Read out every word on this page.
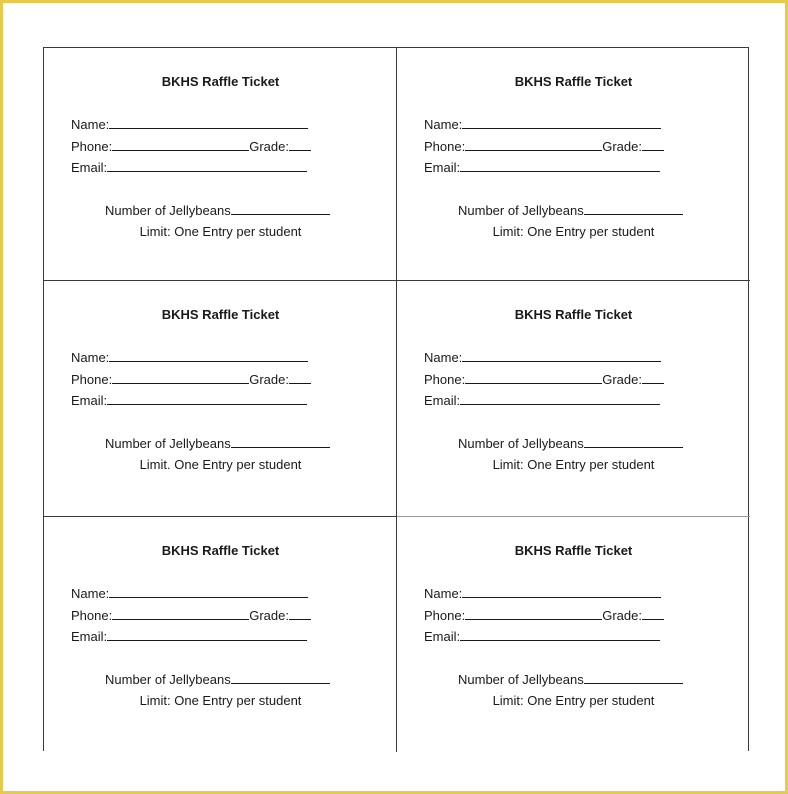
BKHS Raffle Ticket
Name:
Phone:	Grade:
Email:
Number of Jellybeans
Limit: One Entry per student
BKHS Raffle Ticket
Name:
Phone:	Grade:
Email:
Number of Jellybeans
Limit: One Entry per student
BKHS Raffle Ticket
Name:
Phone:	Grade:
Email:
Number of Jellybeans
Limit. One Entry per student
BKHS Raffle Ticket
Name:
Phone:	Grade:
Email:
Number of Jellybeans
Limit: One Entry per student
BKHS Raffle Ticket
Name:
Phone:	Grade:
Email:
Number of Jellybeans
Limit: One Entry per student
BKHS Raffle Ticket
Name:
Phone:	Grade:
Email:
Number of Jellybeans
Limit: One Entry per student
